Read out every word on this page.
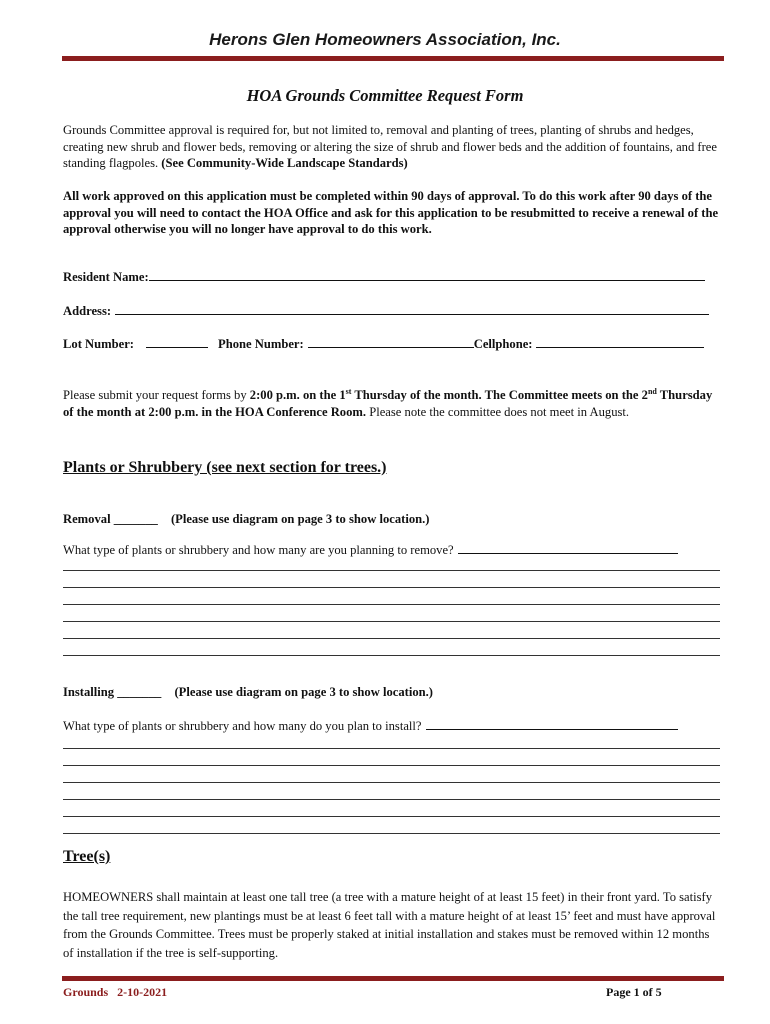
Herons Glen Homeowners Association, Inc.
HOA Grounds Committee Request Form
Grounds Committee approval is required for, but not limited to, removal and planting of trees, planting of shrubs and hedges, creating new shrub and flower beds, removing or altering the size of shrub and flower beds and the addition of fountains, and free standing flagpoles. (See Community-Wide Landscape Standards)
All work approved on this application must be completed within 90 days of approval. To do this work after 90 days of the approval you will need to contact the HOA Office and ask for this application to be resubmitted to receive a renewal of the approval otherwise you will no longer have approval to do this work.
Resident Name:
Address:
Lot Number:	Phone Number:	Cellphone:
Please submit your request forms by 2:00 p.m. on the 1st Thursday of the month. The Committee meets on the 2nd Thursday of the month at 2:00 p.m. in the HOA Conference Room. Please note the committee does not meet in August.
Plants or Shrubbery (see next section for trees.)
Removal _______ (Please use diagram on page 3 to show location.)
What type of plants or shrubbery and how many are you planning to remove?
Installing _______ (Please use diagram on page 3 to show location.)
What type of plants or shrubbery and how many do you plan to install?
Tree(s)
HOMEOWNERS shall maintain at least one tall tree (a tree with a mature height of at least 15 feet) in their front yard. To satisfy the tall tree requirement, new plantings must be at least 6 feet tall with a mature height of at least 15’ feet and must have approval from the Grounds Committee. Trees must be properly staked at initial installation and stakes must be removed within 12 months of installation if the tree is self-supporting.
Grounds   2-10-2021	Page 1 of 5
